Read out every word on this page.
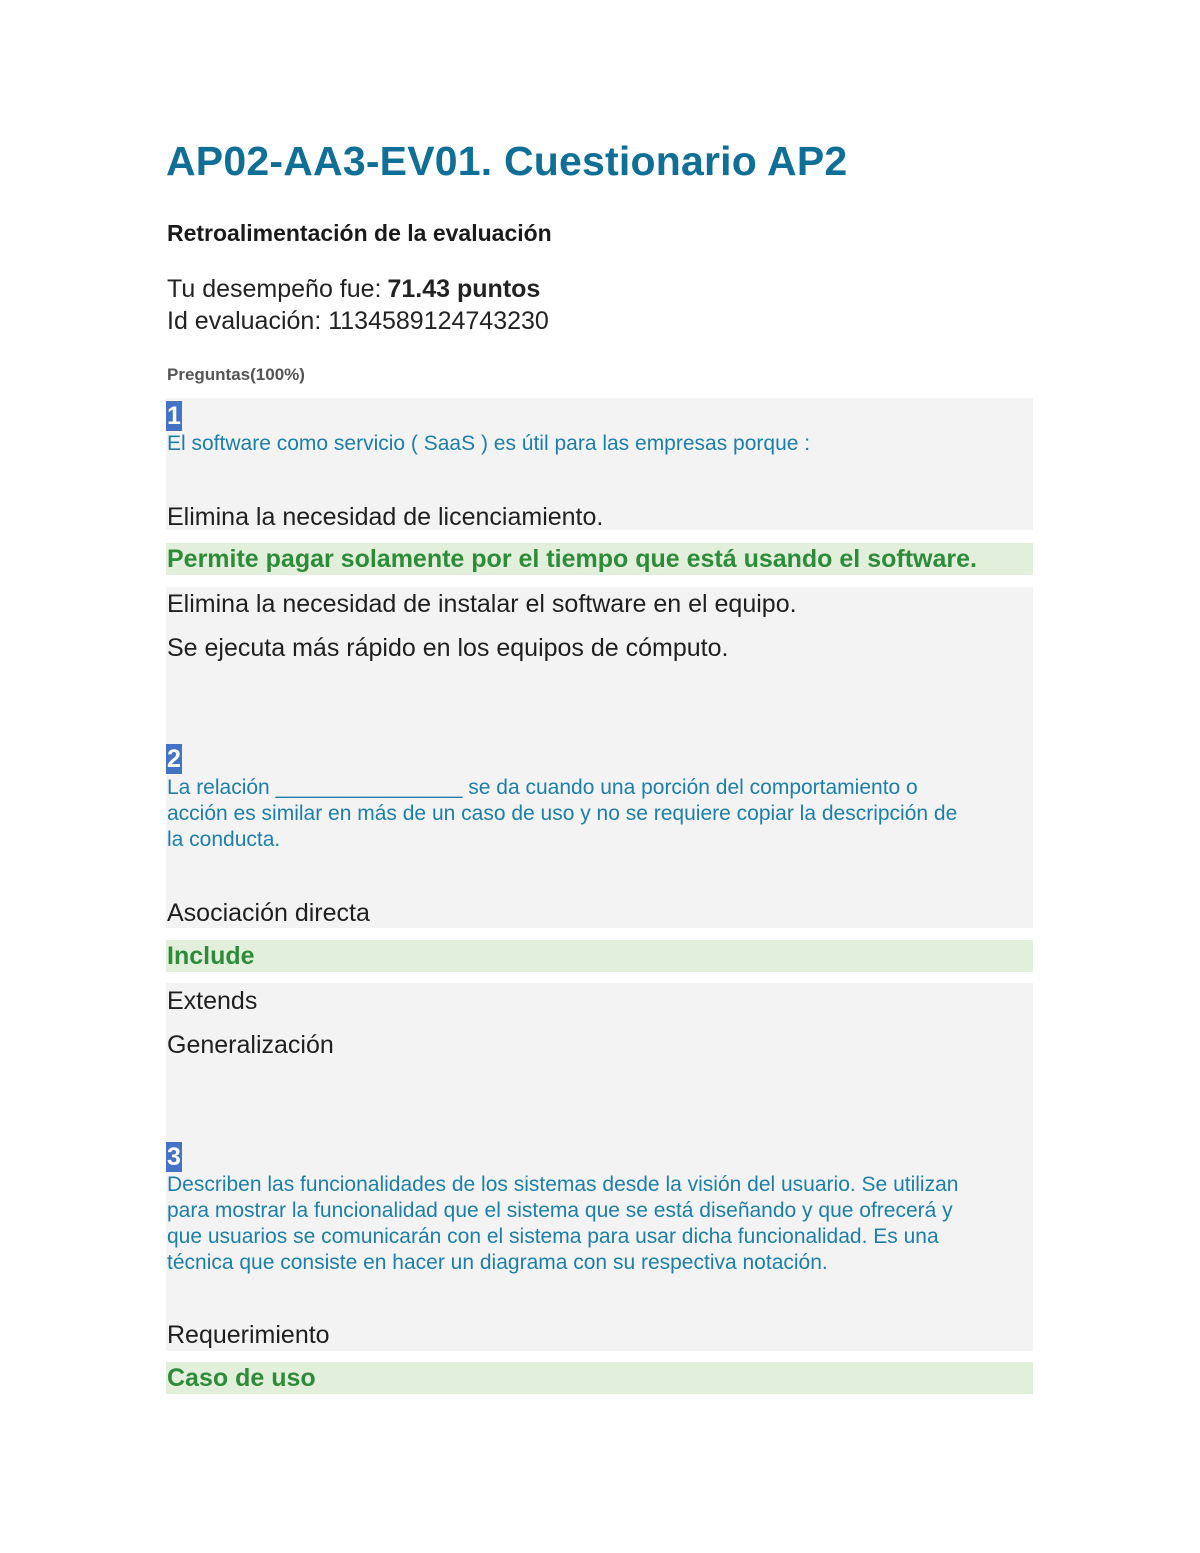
AP02-AA3-EV01. Cuestionario AP2
Retroalimentación de la evaluación
Tu desempeño fue: 71.43 puntos
Id evaluación: 1134589124743230
Preguntas(100%)
1
El software como servicio ( SaaS ) es útil para las empresas porque :
Elimina la necesidad de licenciamiento.
Permite pagar solamente por el tiempo que está usando el software.
Elimina la necesidad de instalar el software en el equipo.
Se ejecuta más rápido en los equipos de cómputo.
2
La relación ________________ se da cuando una porción del comportamiento o
acción es similar en más de un caso de uso y no se requiere copiar la descripción de
la conducta.
Asociación directa
Include
Extends
Generalización
3
Describen las funcionalidades de los sistemas desde la visión del usuario. Se utilizan
para mostrar la funcionalidad que el sistema que se está diseñando y que ofrecerá y
que usuarios se comunicarán con el sistema para usar dicha funcionalidad. Es una
técnica que consiste en hacer un diagrama con su respectiva notación.
Requerimiento
Caso de uso
